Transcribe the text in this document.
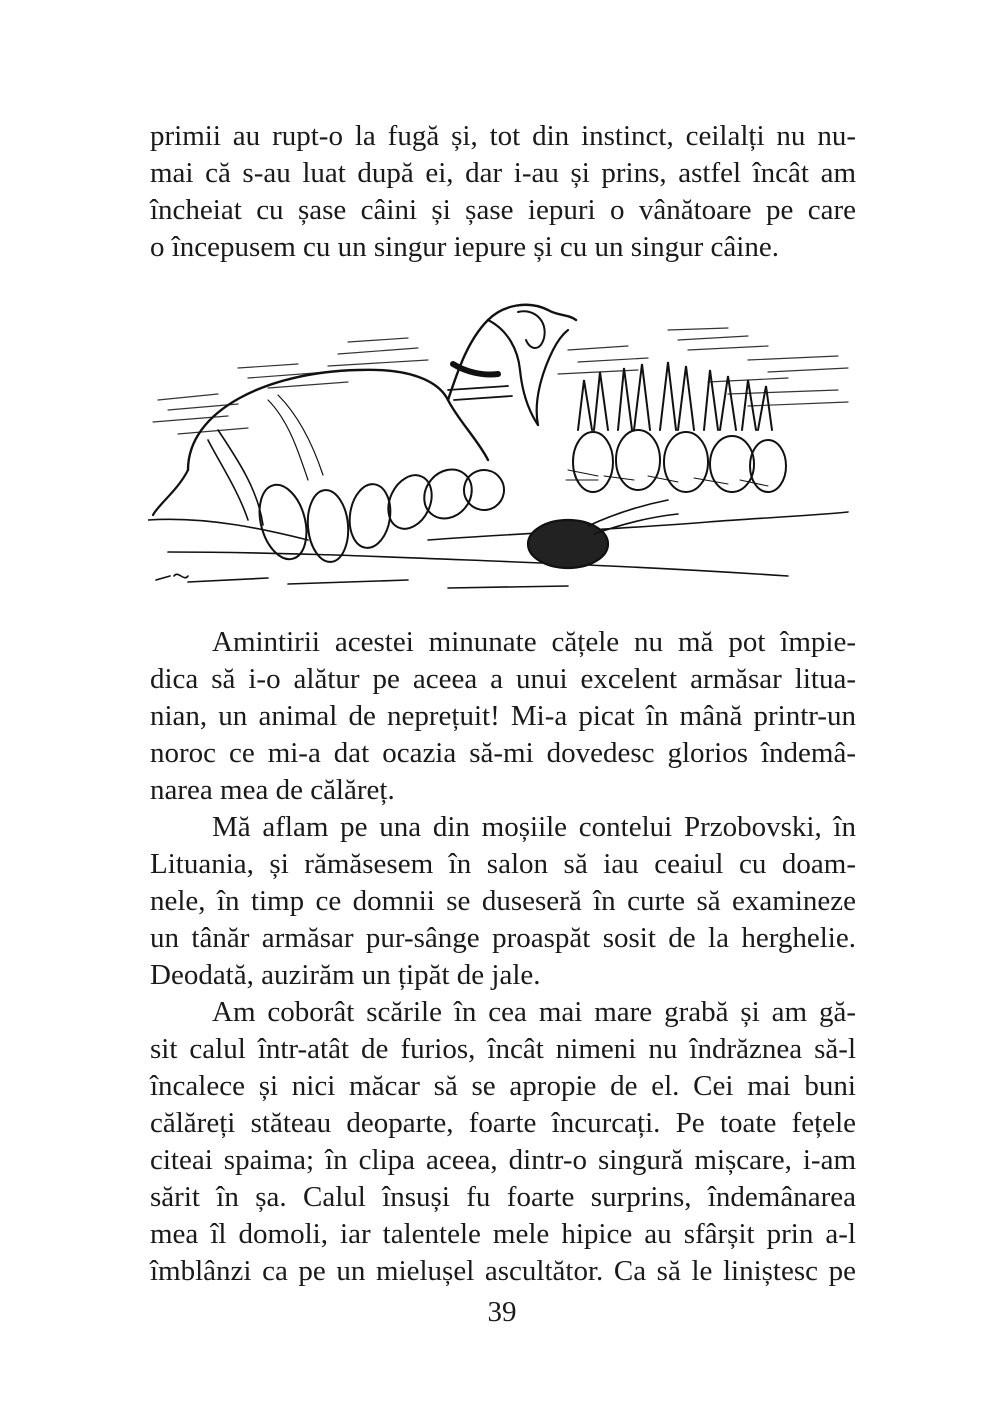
primii au rupt-o la fugă și, tot din instinct, ceilalți nu nu-
mai că s-au luat după ei, dar i-au și prins, astfel încât am
încheiat cu șase câini și șase iepuri o vânătoare pe care
o începusem cu un singur iepure și cu un singur câine.
Amintirii acestei minunate cățele nu mă pot împie-
dica să i-o alătur pe aceea a unui excelent armăsar litua-
nian, un animal de neprețuit! Mi-a picat în mână printr-un
noroc ce mi-a dat ocazia să-mi dovedesc glorios îndemâ-
narea mea de călăreț.
Mă aflam pe una din moșiile contelui Przobovski, în
Lituania, și rămăsesem în salon să iau ceaiul cu doam-
nele, în timp ce domnii se duseseră în curte să examineze
un tânăr armăsar pur-sânge proaspăt sosit de la herghelie.
Deodată, auzirăm un țipăt de jale.
Am coborât scările în cea mai mare grabă și am gă-
sit calul într-atât de furios, încât nimeni nu îndrăznea să-l
încalece și nici măcar să se apropie de el. Cei mai buni
călăreți stăteau deoparte, foarte încurcați. Pe toate fețele
citeai spaima; în clipa aceea, dintr-o singură mișcare, i-am
sărit în șa. Calul însuși fu foarte surprins, îndemânarea
mea îl domoli, iar talentele mele hipice au sfârșit prin a-l
îmblânzi ca pe un mielușel ascultător. Ca să le liniștesc pe
39
